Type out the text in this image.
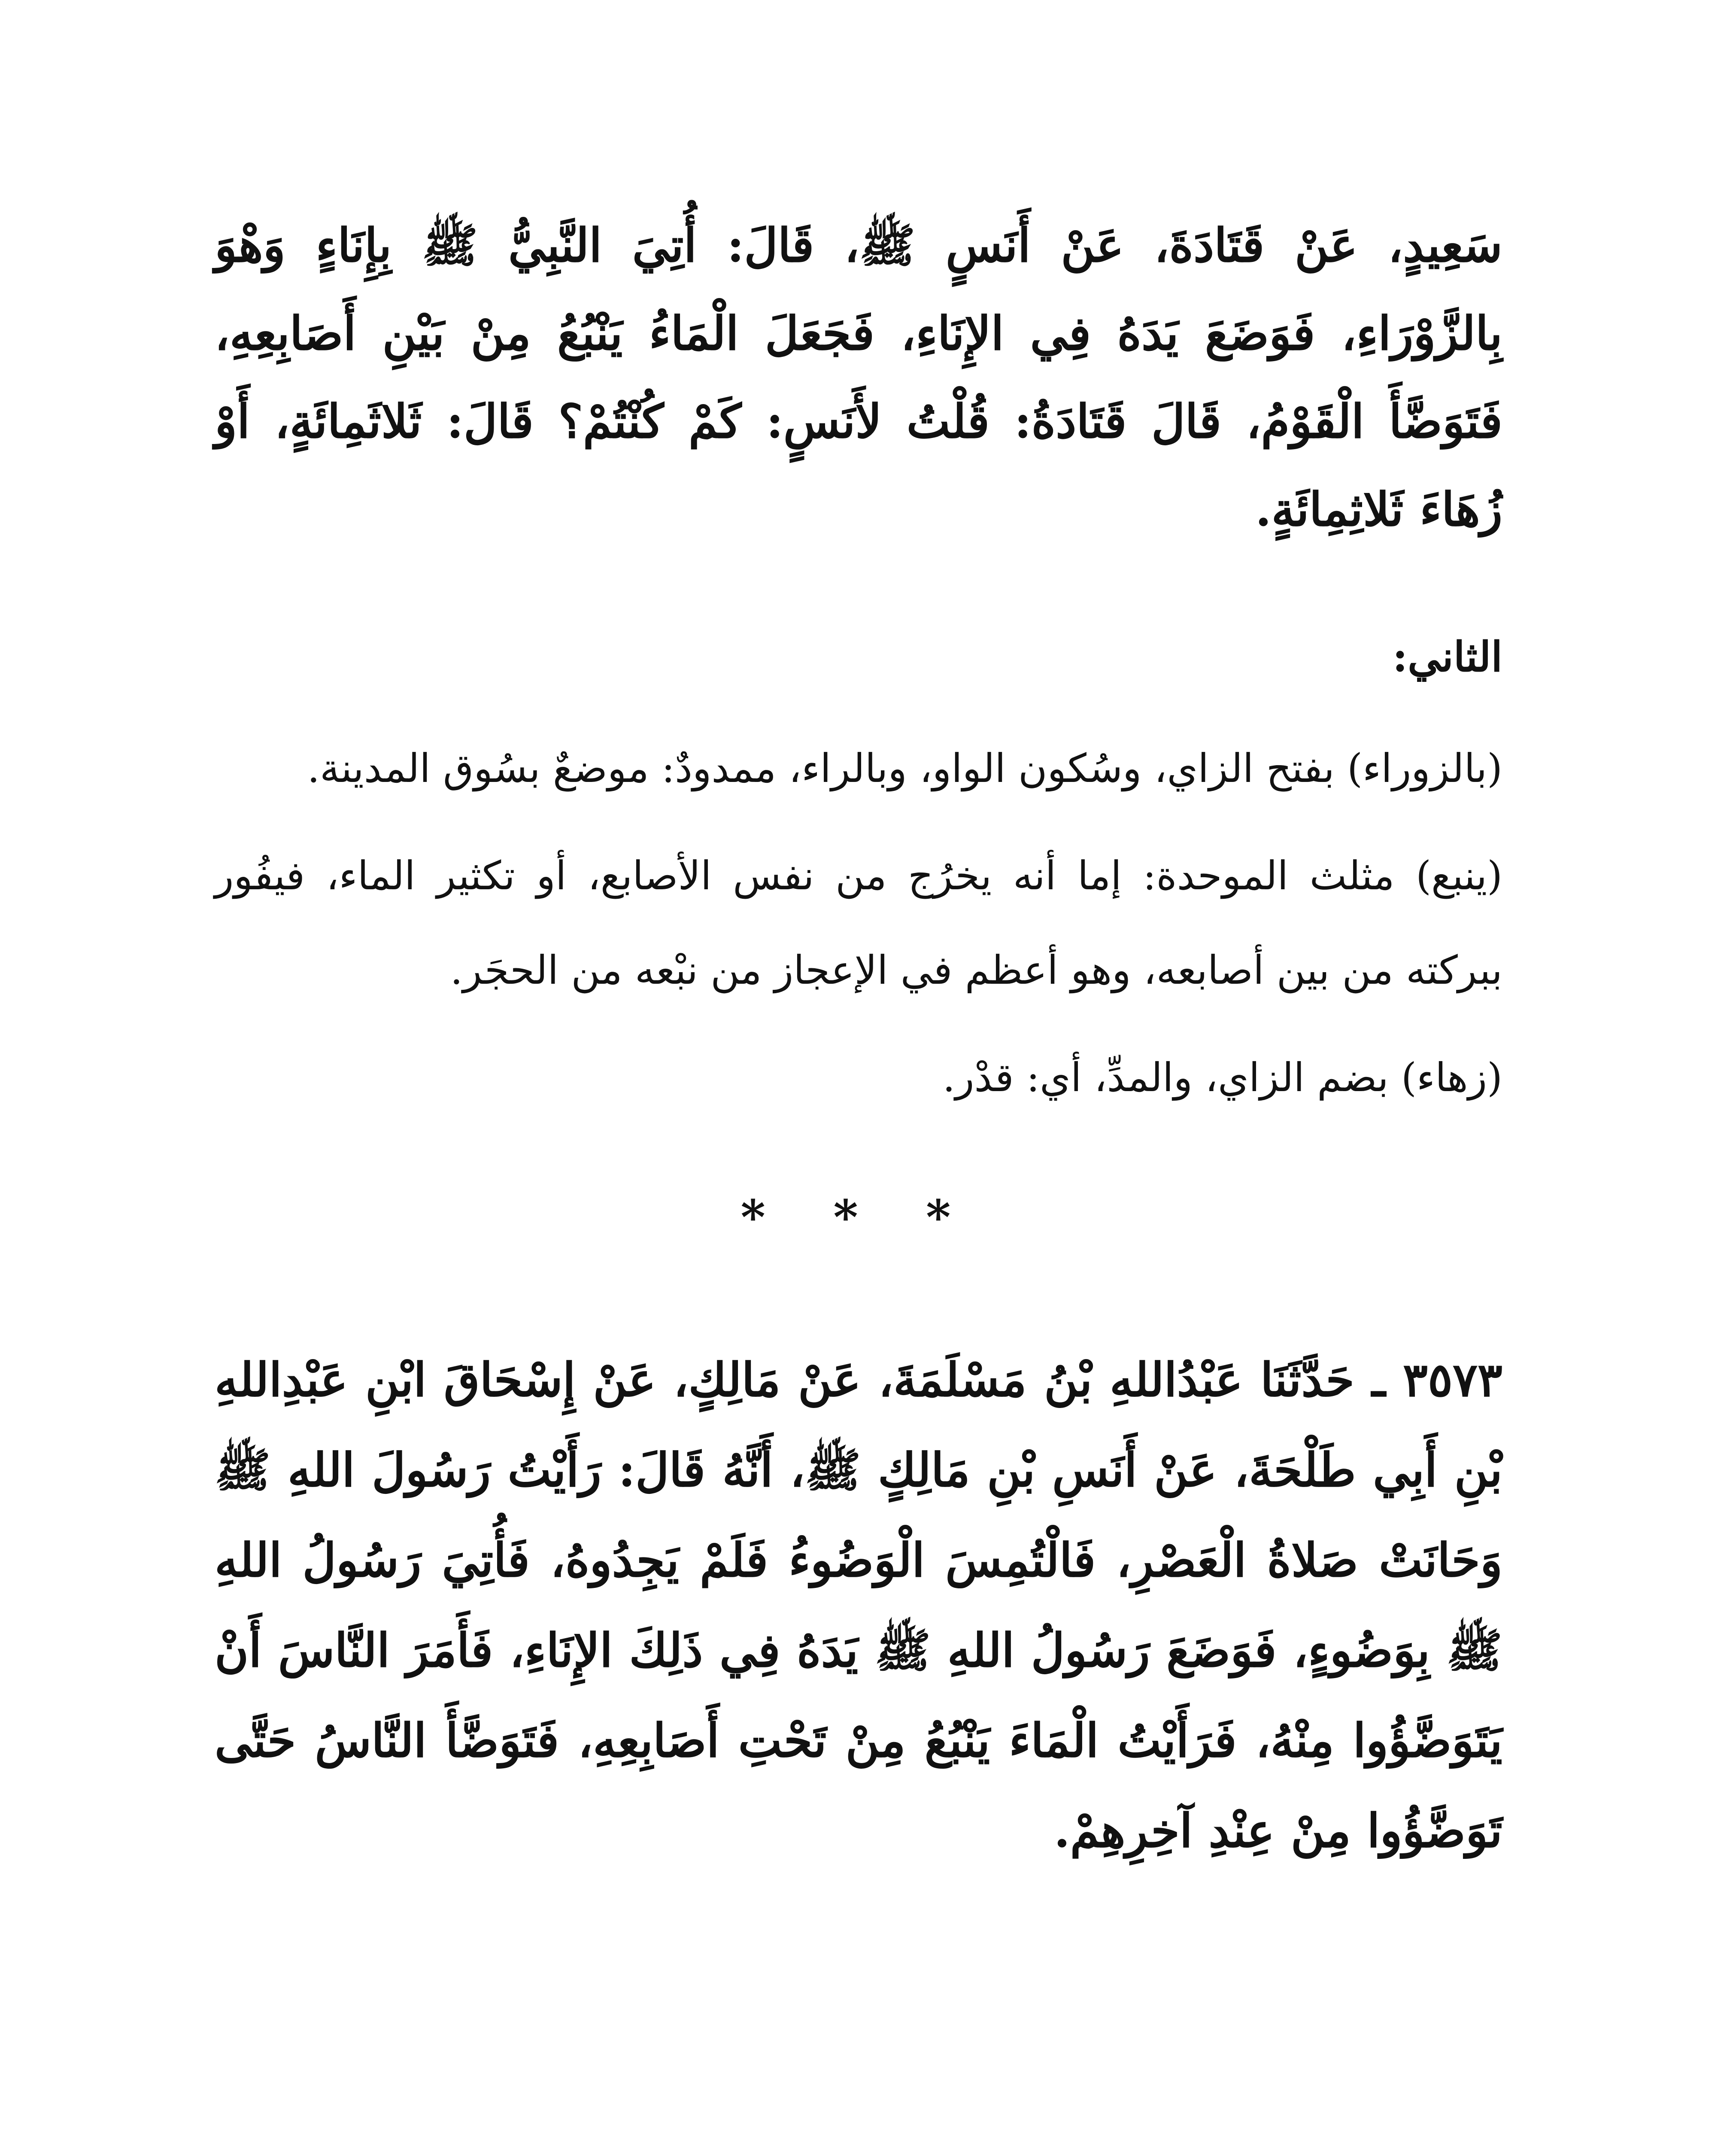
سَعِيدٍ، عَنْ قَتَادَةَ، عَنْ أَنَسٍ ﷺ، قَالَ: أُتِيَ النَّبِيُّ ﷺ بِإِنَاءٍ وَهْوَ بِالزَّوْرَاءِ، فَوَضَعَ يَدَهُ فِي الإِنَاءِ، فَجَعَلَ الْمَاءُ يَنْبُعُ مِنْ بَيْنِ أَصَابِعِهِ، فَتَوَضَّأَ الْقَوْمُ، قَالَ قَتَادَةُ: قُلْتُ لأَنَسٍ: كَمْ كُنْتُمْ؟ قَالَ: ثَلاثَمِائَةٍ، أَوْ زُهَاءَ ثَلاثِمِائَةٍ.

الثاني:

(بالزوراء) بفتح الزاي، وسُكون الواو، وبالراء، ممدودٌ: موضعٌ بسُوق المدينة.

(ينبع) مثلث الموحدة: إما أنه يخرُج من نفس الأصابع، أو تكثير الماء، فيفُور ببركته من بين أصابعه، وهو أعظم في الإعجاز من نبْعه من الحجَر.

(زهاء) بضم الزاي، والمدِّ، أي: قدْر.

* * *

٣٥٧٣ ـ حَدَّثَنَا عَبْدُاللهِ بْنُ مَسْلَمَةَ، عَنْ مَالِكٍ، عَنْ إِسْحَاقَ ابْنِ عَبْدِاللهِ بْنِ أَبِي طَلْحَةَ، عَنْ أَنَسِ بْنِ مَالِكٍ ﷺ، أَنَّهُ قَالَ: رَأَيْتُ رَسُولَ اللهِ ﷺ وَحَانَتْ صَلاةُ الْعَصْرِ، فَالْتُمِسَ الْوَضُوءُ فَلَمْ يَجِدُوهُ، فَأُتِيَ رَسُولُ اللهِ ﷺ بِوَضُوءٍ، فَوَضَعَ رَسُولُ اللهِ ﷺ يَدَهُ فِي ذَلِكَ الإِنَاءِ، فَأَمَرَ النَّاسَ أَنْ يَتَوَضَّؤُوا مِنْهُ، فَرَأَيْتُ الْمَاءَ يَنْبُعُ مِنْ تَحْتِ أَصَابِعِهِ، فَتَوَضَّأَ النَّاسُ حَتَّى تَوَضَّؤُوا مِنْ عِنْدِ آخِرِهِمْ.
